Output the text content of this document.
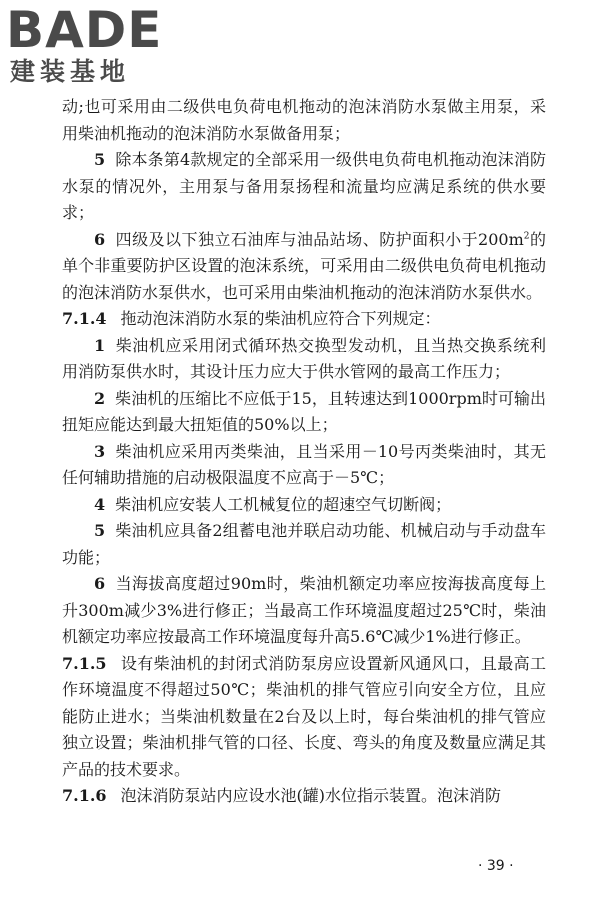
BADE
建装基地

动;也可采用由二级供电负荷电机拖动的泡沫消防水泵做主用泵，采用柴油机拖动的泡沫消防水泵做备用泵；

5 除本条第4款规定的全部采用一级供电负荷电机拖动泡沫消防水泵的情况外，主用泵与备用泵扬程和流量均应满足系统的供水要求；

6 四级及以下独立石油库与油品站场、防护面积小于$200m^2$的单个非重要防护区设置的泡沫系统，可采用由二级供电负荷电机拖动的泡沫消防水泵供水，也可采用由柴油机拖动的泡沫消防水泵供水。

7.1.4 拖动泡沫消防水泵的柴油机应符合下列规定：

1 柴油机应采用闭式循环热交换型发动机，且当热交换系统利用消防泵供水时，其设计压力应大于供水管网的最高工作压力；

2 柴油机的压缩比不应低于15，且转速达到1000rpm时可输出扭矩应能达到最大扭矩值的50%以上；

3 柴油机应采用丙类柴油，且当采用－10号丙类柴油时，其无任何辅助措施的启动极限温度不应高于－5℃；

4 柴油机应安装人工机械复位的超速空气切断阀；

5 柴油机应具备2组蓄电池并联启动功能、机械启动与手动盘车功能；

6 当海拔高度超过90m时，柴油机额定功率应按海拔高度每上升300m减少3%进行修正；当最高工作环境温度超过25℃时，柴油机额定功率应按最高工作环境温度每升高5.6℃减少1%进行修正。

7.1.5 设有柴油机的封闭式消防泵房应设置新风通风口，且最高工作环境温度不得超过50℃；柴油机的排气管应引向安全方位，且应能防止进水；当柴油机数量在2台及以上时，每台柴油机的排气管应独立设置；柴油机排气管的口径、长度、弯头的角度及数量应满足其产品的技术要求。

7.1.6 泡沫消防泵站内应设水池(罐)水位指示装置。泡沫消防

· 39 ·
